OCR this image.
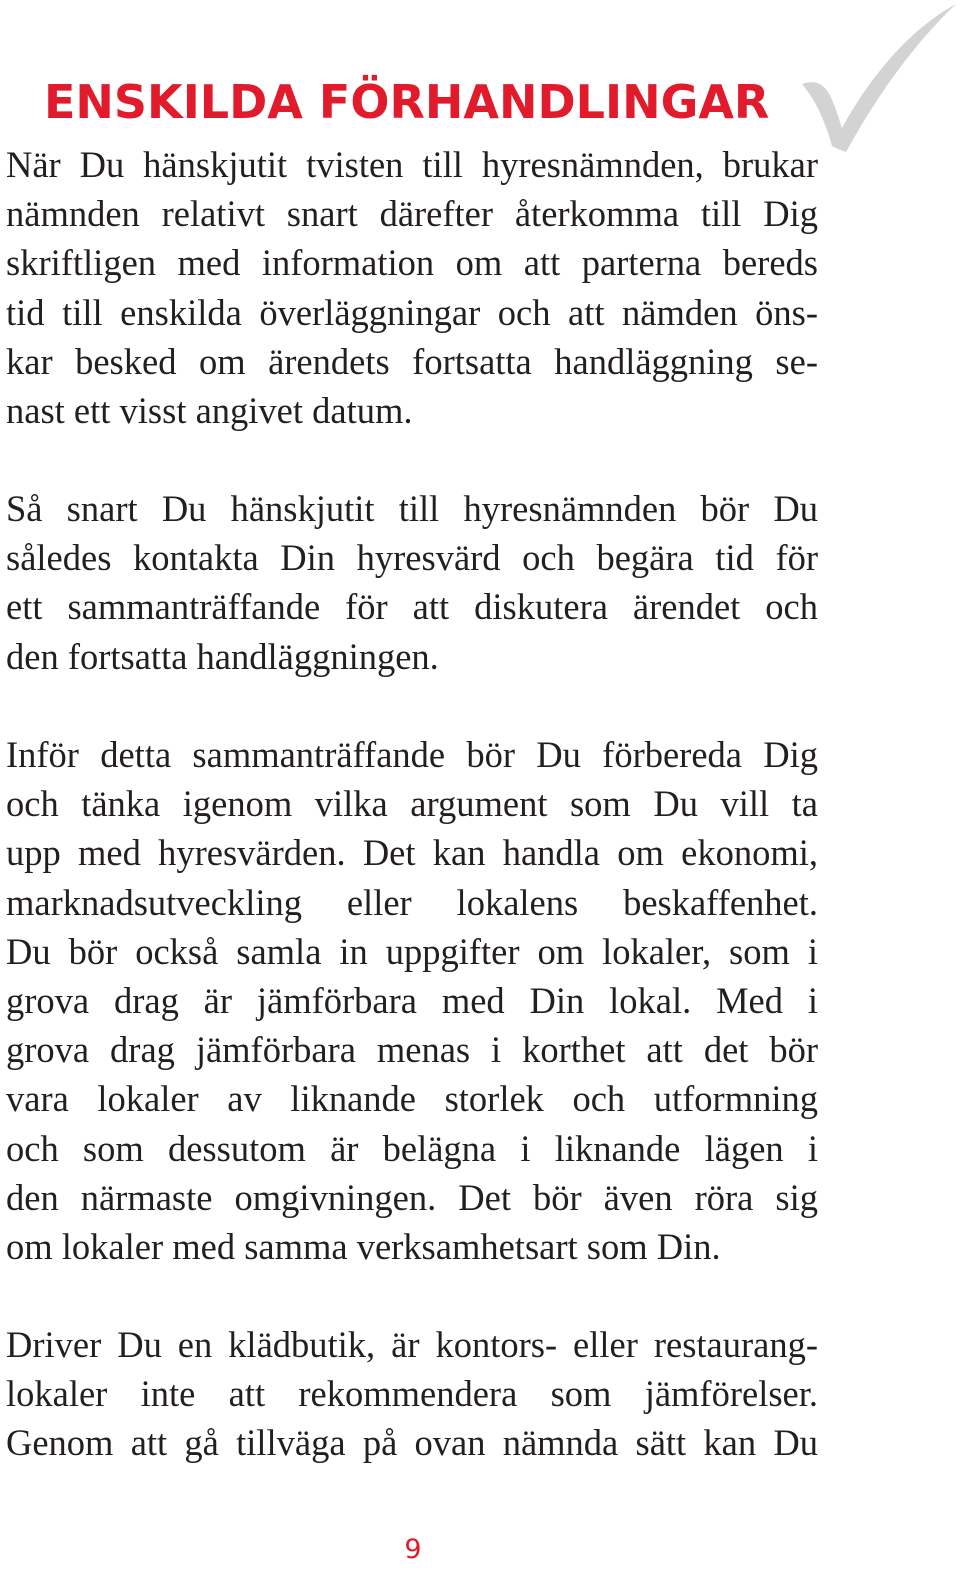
ENSKILDA FÖRHANDLINGAR

När Du hänskjutit tvisten till hyresnämnden, brukar
nämnden relativt snart därefter återkomma till Dig
skriftligen med information om att parterna bereds
tid till enskilda överläggningar och att nämden öns-
kar besked om ärendets fortsatta handläggning se-
nast ett visst angivet datum.

Så snart Du hänskjutit till hyresnämnden bör Du
således kontakta Din hyresvärd och begära tid för
ett sammanträffande för att diskutera ärendet och
den fortsatta handläggningen.

Inför detta sammanträffande bör Du förbereda Dig
och tänka igenom vilka argument som Du vill ta
upp med hyresvärden. Det kan handla om ekonomi,
marknadsutveckling eller lokalens beskaffenhet.
Du bör också samla in uppgifter om lokaler, som i
grova drag är jämförbara med Din lokal. Med i
grova drag jämförbara menas i korthet att det bör
vara lokaler av liknande storlek och utformning
och som dessutom är belägna i liknande lägen i
den närmaste omgivningen. Det bör även röra sig
om lokaler med samma verksamhetsart som Din.

Driver Du en klädbutik, är kontors- eller restaurang-
lokaler inte att rekommendera som jämförelser.
Genom att gå tillväga på ovan nämnda sätt kan Du

9
